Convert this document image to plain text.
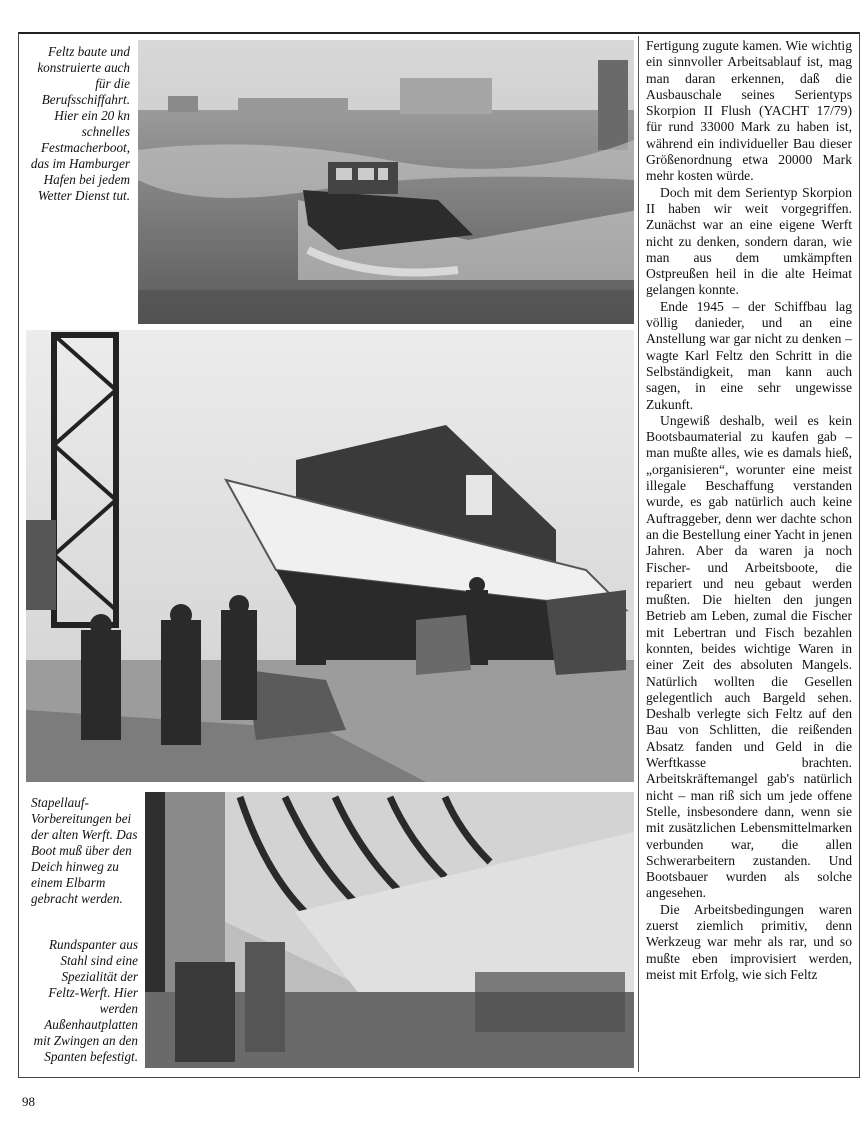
Feltz baute und konstruierte auch für die Berufsschiffahrt. Hier ein 20 kn schnelles Festmacherboot, das im Hamburger Hafen bei jedem Wetter Dienst tut.

Stapellauf-Vorbereitungen bei der alten Werft. Das Boot muß über den Deich hinweg zu einem Elbarm gebracht werden.

Rundspanter aus Stahl sind eine Spezialität der Feltz-Werft. Hier werden Außenhautplatten mit Zwingen an den Spanten befestigt.

Fertigung zugute kamen. Wie wichtig ein sinnvoller Arbeitsablauf ist, mag man daran erkennen, daß die Ausbauschale seines Serientyps Skorpion II Flush (YACHT 17/79) für rund 33000 Mark zu haben ist, während ein individueller Bau dieser Größenordnung etwa 20000 Mark mehr kosten würde.

Doch mit dem Serientyp Skorpion II haben wir weit vorgegriffen. Zunächst war an eine eigene Werft nicht zu denken, sondern daran, wie man aus dem umkämpften Ostpreußen heil in die alte Heimat gelangen konnte.

Ende 1945 – der Schiffbau lag völlig danieder, und an eine Anstellung war gar nicht zu denken – wagte Karl Feltz den Schritt in die Selbständigkeit, man kann auch sagen, in eine sehr ungewisse Zukunft.

Ungewiß deshalb, weil es kein Bootsbaumaterial zu kaufen gab – man mußte alles, wie es damals hieß, „organisieren“, worunter eine meist illegale Beschaffung verstanden wurde, es gab natürlich auch keine Auftraggeber, denn wer dachte schon an die Bestellung einer Yacht in jenen Jahren. Aber da waren ja noch Fischer- und Arbeitsboote, die repariert und neu gebaut werden mußten. Die hielten den jungen Betrieb am Leben, zumal die Fischer mit Lebertran und Fisch bezahlen konnten, beides wichtige Waren in einer Zeit des absoluten Mangels. Natürlich wollten die Gesellen gelegentlich auch Bargeld sehen. Deshalb verlegte sich Feltz auf den Bau von Schlitten, die reißenden Absatz fanden und Geld in die Werftkasse brachten. Arbeitskräftemangel gab's natürlich nicht – man riß sich um jede offene Stelle, insbesondere dann, wenn sie mit zusätzlichen Lebensmittelmarken verbunden war, die allen Schwerarbeitern zustanden. Und Bootsbauer wurden als solche angesehen.

Die Arbeitsbedingungen waren zuerst ziemlich primitiv, denn Werkzeug war mehr als rar, und so mußte eben improvisiert werden, meist mit Erfolg, wie sich Feltz

98
